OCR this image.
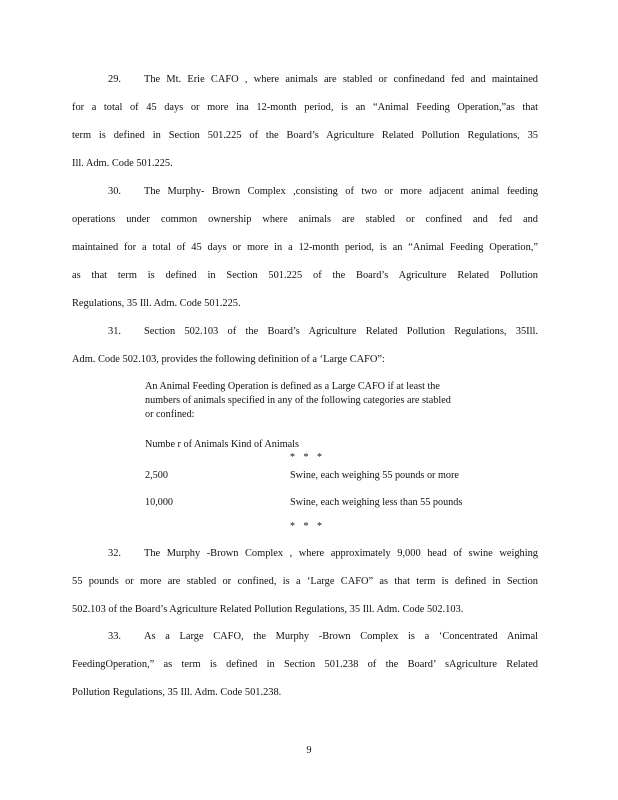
29. The Mt. Erie CAFO , where animals are stabled or confinedand fed and maintained
for a total of 45 days or more ina 12-month period, is an “Animal Feeding Operation,”as that
term is defined in Section 501.225 of the Board’s Agriculture Related Pollution Regulations, 35
Ill. Adm. Code 501.225.
30. The Murphy- Brown Complex ,consisting of two or more adjacent animal feeding
operations under common ownership where animals are stabled or confined and fed and
maintained for a total of 45 days or more in a 12-month period, is an “Animal Feeding Operation,”
as that term is defined in Section 501.225 of the Board’s Agriculture Related Pollution
Regulations, 35 Ill. Adm. Code 501.225.
31. Section 502.103 of the Board’s Agriculture Related Pollution Regulations, 35Ill.
Adm. Code 502.103, provides the following definition of a ‘Large CAFO”:
An Animal Feeding Operation is defined as a Large CAFO if at least the
numbers of animals specified in any of the following categories are stabled
or confined:
Numbe r of Animals Kind of Animals
* * *
2,500	Swine, each weighing 55 pounds or more
10,000	Swine, each weighing less than 55 pounds
* * *
32. The Murphy -Brown Complex , where approximately 9,000 head of swine weighing
55 pounds or more are stabled or confined, is a ‘Large CAFO” as that term is defined in Section
502.103 of the Board’s Agriculture Related Pollution Regulations, 35 Ill. Adm. Code 502.103.
33. As a Large CAFO, the Murphy -Brown Complex is a ‘Concentrated Animal
FeedingOperation,” as term is defined in Section 501.238 of the Board’ sAgriculture Related
Pollution Regulations, 35 Ill. Adm. Code 501.238.
9
